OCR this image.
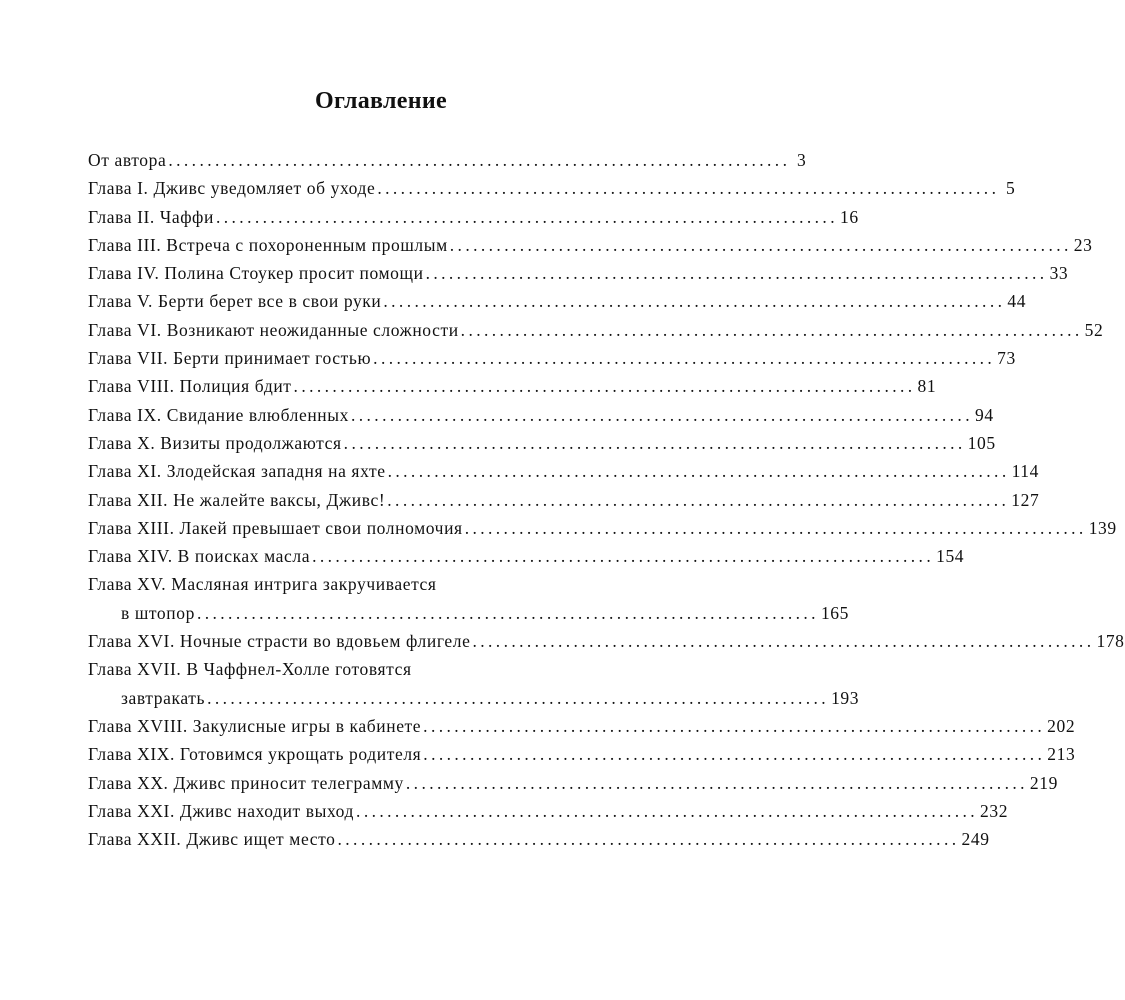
Оглавление
От автора ................................................................................ 3
Глава I. Дживс уведомляет об уходе ................................................................................ 5
Глава II. Чаффи ................................................................................ 16
Глава III. Встреча с похороненным прошлым ................................................................................ 23
Глава IV. Полина Стоукер просит помощи ................................................................................ 33
Глава V. Берти берет все в свои руки ................................................................................ 44
Глава VI. Возникают неожиданные сложности ................................................................................ 52
Глава VII. Берти принимает гостью ................................................................................ 73
Глава VIII. Полиция бдит ................................................................................ 81
Глава IX. Свидание влюбленных ................................................................................ 94
Глава X. Визиты продолжаются ................................................................................ 105
Глава XI. Злодейская западня на яхте ................................................................................ 114
Глава XII. Не жалейте ваксы, Дживс! ................................................................................ 127
Глава XIII. Лакей превышает свои полномочия ................................................................................ 139
Глава XIV. В поисках масла ................................................................................ 154
Глава XV. Масляная интрига закручивается
в штопор ................................................................................ 165
Глава XVI. Ночные страсти во вдовьем флигеле ................................................................................ 178
Глава XVII. В Чаффнел-Холле готовятся
завтракать ................................................................................ 193
Глава XVIII. Закулисные игры в кабинете ................................................................................ 202
Глава XIX. Готовимся укрощать родителя ................................................................................ 213
Глава XX. Дживс приносит телеграмму ................................................................................ 219
Глава XXI. Дживс находит выход ................................................................................ 232
Глава XXII. Дживс ищет место ................................................................................ 249
